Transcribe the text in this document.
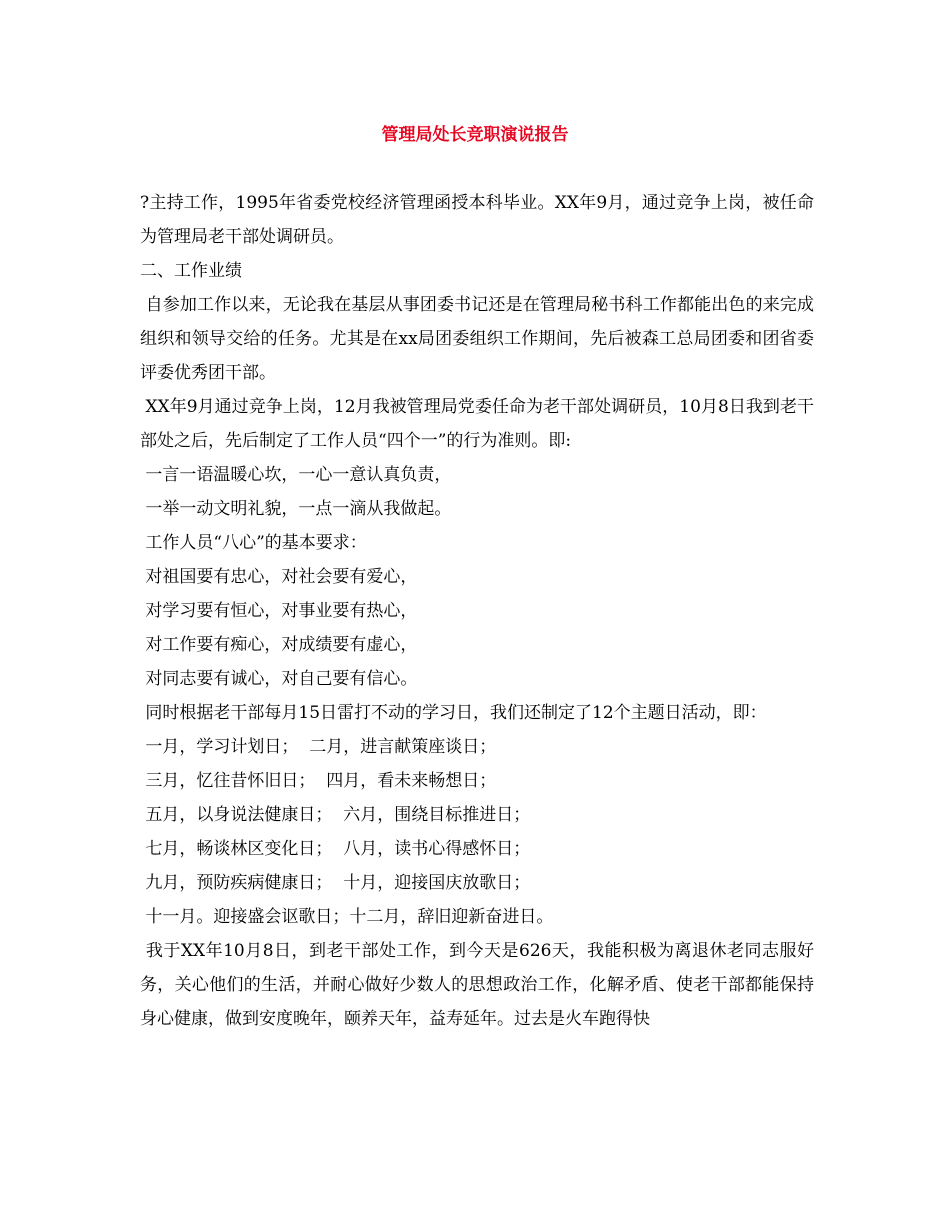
管理局处长竞职演说报告

?主持工作，1995年省委党校经济管理函授本科毕业。XX年9月，通过竞争上岗，被任命为管理局老干部处调研员。

二、工作业绩

自参加工作以来，无论我在基层从事团委书记还是在管理局秘书科工作都能出色的来完成组织和领导交给的任务。尤其是在xx局团委组织工作期间，先后被森工总局团委和团省委评委优秀团干部。

XX年9月通过竞争上岗，12月我被管理局党委任命为老干部处调研员，10月8日我到老干部处之后，先后制定了工作人员“四个一”的行为准则。即:

一言一语温暖心坎，一心一意认真负责，

一举一动文明礼貌，一点一滴从我做起。

工作人员“八心”的基本要求：

对祖国要有忠心，对社会要有爱心，

对学习要有恒心，对事业要有热心，

对工作要有痴心，对成绩要有虚心，

对同志要有诚心，对自己要有信心。

同时根据老干部每月15日雷打不动的学习日，我们还制定了12个主题日活动，即：

一月，学习计划日；  二月，进言献策座谈日；

三月，忆往昔怀旧日；  四月，看未来畅想日；

五月，以身说法健康日；  六月，围绕目标推进日；

七月，畅谈林区变化日；  八月，读书心得感怀日；

九月，预防疾病健康日；  十月，迎接国庆放歌日；

十一月。迎接盛会讴歌日；十二月，辞旧迎新奋进日。

我于XX年10月8日，到老干部处工作，到今天是626天，我能积极为离退休老同志服好务，关心他们的生活，并耐心做好少数人的思想政治工作，化解矛盾、使老干部都能保持身心健康，做到安度晚年，颐养天年，益寿延年。过去是火车跑得快
